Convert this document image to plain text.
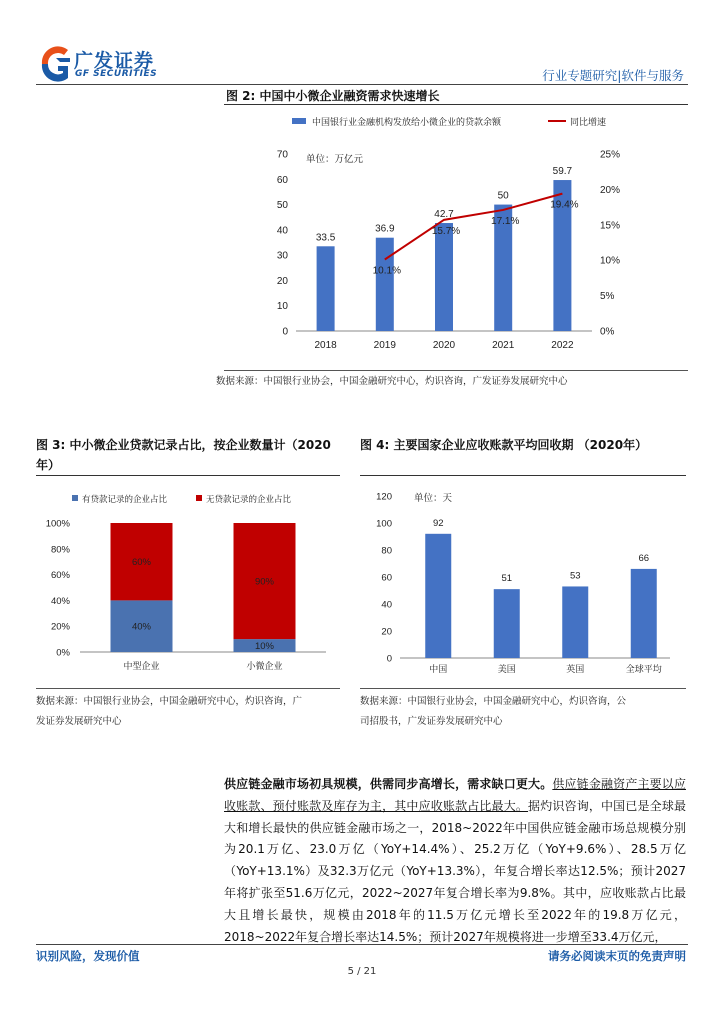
广发证券
GF SECURITIES	行业专题研究|软件与服务
图 2: 中国中小微企业融资需求快速增长
中国银行业金融机构发放给小微企业的贷款余额	同比增速
单位：万亿元
0
10
20
30
40
50
60
70
0%
5%
10%
15%
20%
25%
33.5
2018
36.9
2019
42.7
2020
50
2021
59.7
2022
10.1%
15.7%
17.1%
19.4%
数据来源：中国银行业协会，中国金融研究中心，灼识咨询，广发证券发展研究中心
图 3: 中小微企业贷款记录占比，按企业数量计（2020
年）
有贷款记录的企业占比	无贷款记录的企业占比
0%
20%
40%
60%
80%
100%
40%
60%
中型企业
10%
90%
小微企业
数据来源：中国银行业协会，中国金融研究中心，灼识咨询，广
发证券发展研究中心
图 4: 主要国家企业应收账款平均回收期 （2020年）
单位：天
0
20
40
60
80
100
120
92
中国
51
美国
53
英国
66
全球平均
数据来源：中国银行业协会，中国金融研究中心，灼识咨询，公
司招股书，广发证券发展研究中心
供应链金融市场初具规模，供需同步高增长，需求缺口更大。供应链金融资产主要以应收账款、预付账款及库存为主，其中应收账款占比最大。据灼识咨询，中国已是全球最大和增长最快的供应链金融市场之一，2018~2022年中国供应链金融市场总规模分别为20.1万亿、23.0万亿（YoY+14.4%）、25.2万亿（YoY+9.6%）、28.5万亿（YoY+13.1%）及32.3万亿元（YoY+13.3%），年复合增长率达12.5%；预计2027年将扩张至51.6万亿元，2022~2027年复合增长率为9.8%。其中，应收账款占比最大且增长最快，规模由2018年的11.5万亿元增长至2022年的19.8万亿元，2018~2022年复合增长率达14.5%；预计2027年规模将进一步增至33.4万亿元，
识别风险，发现价值	请务必阅读末页的免责声明
5 / 21
